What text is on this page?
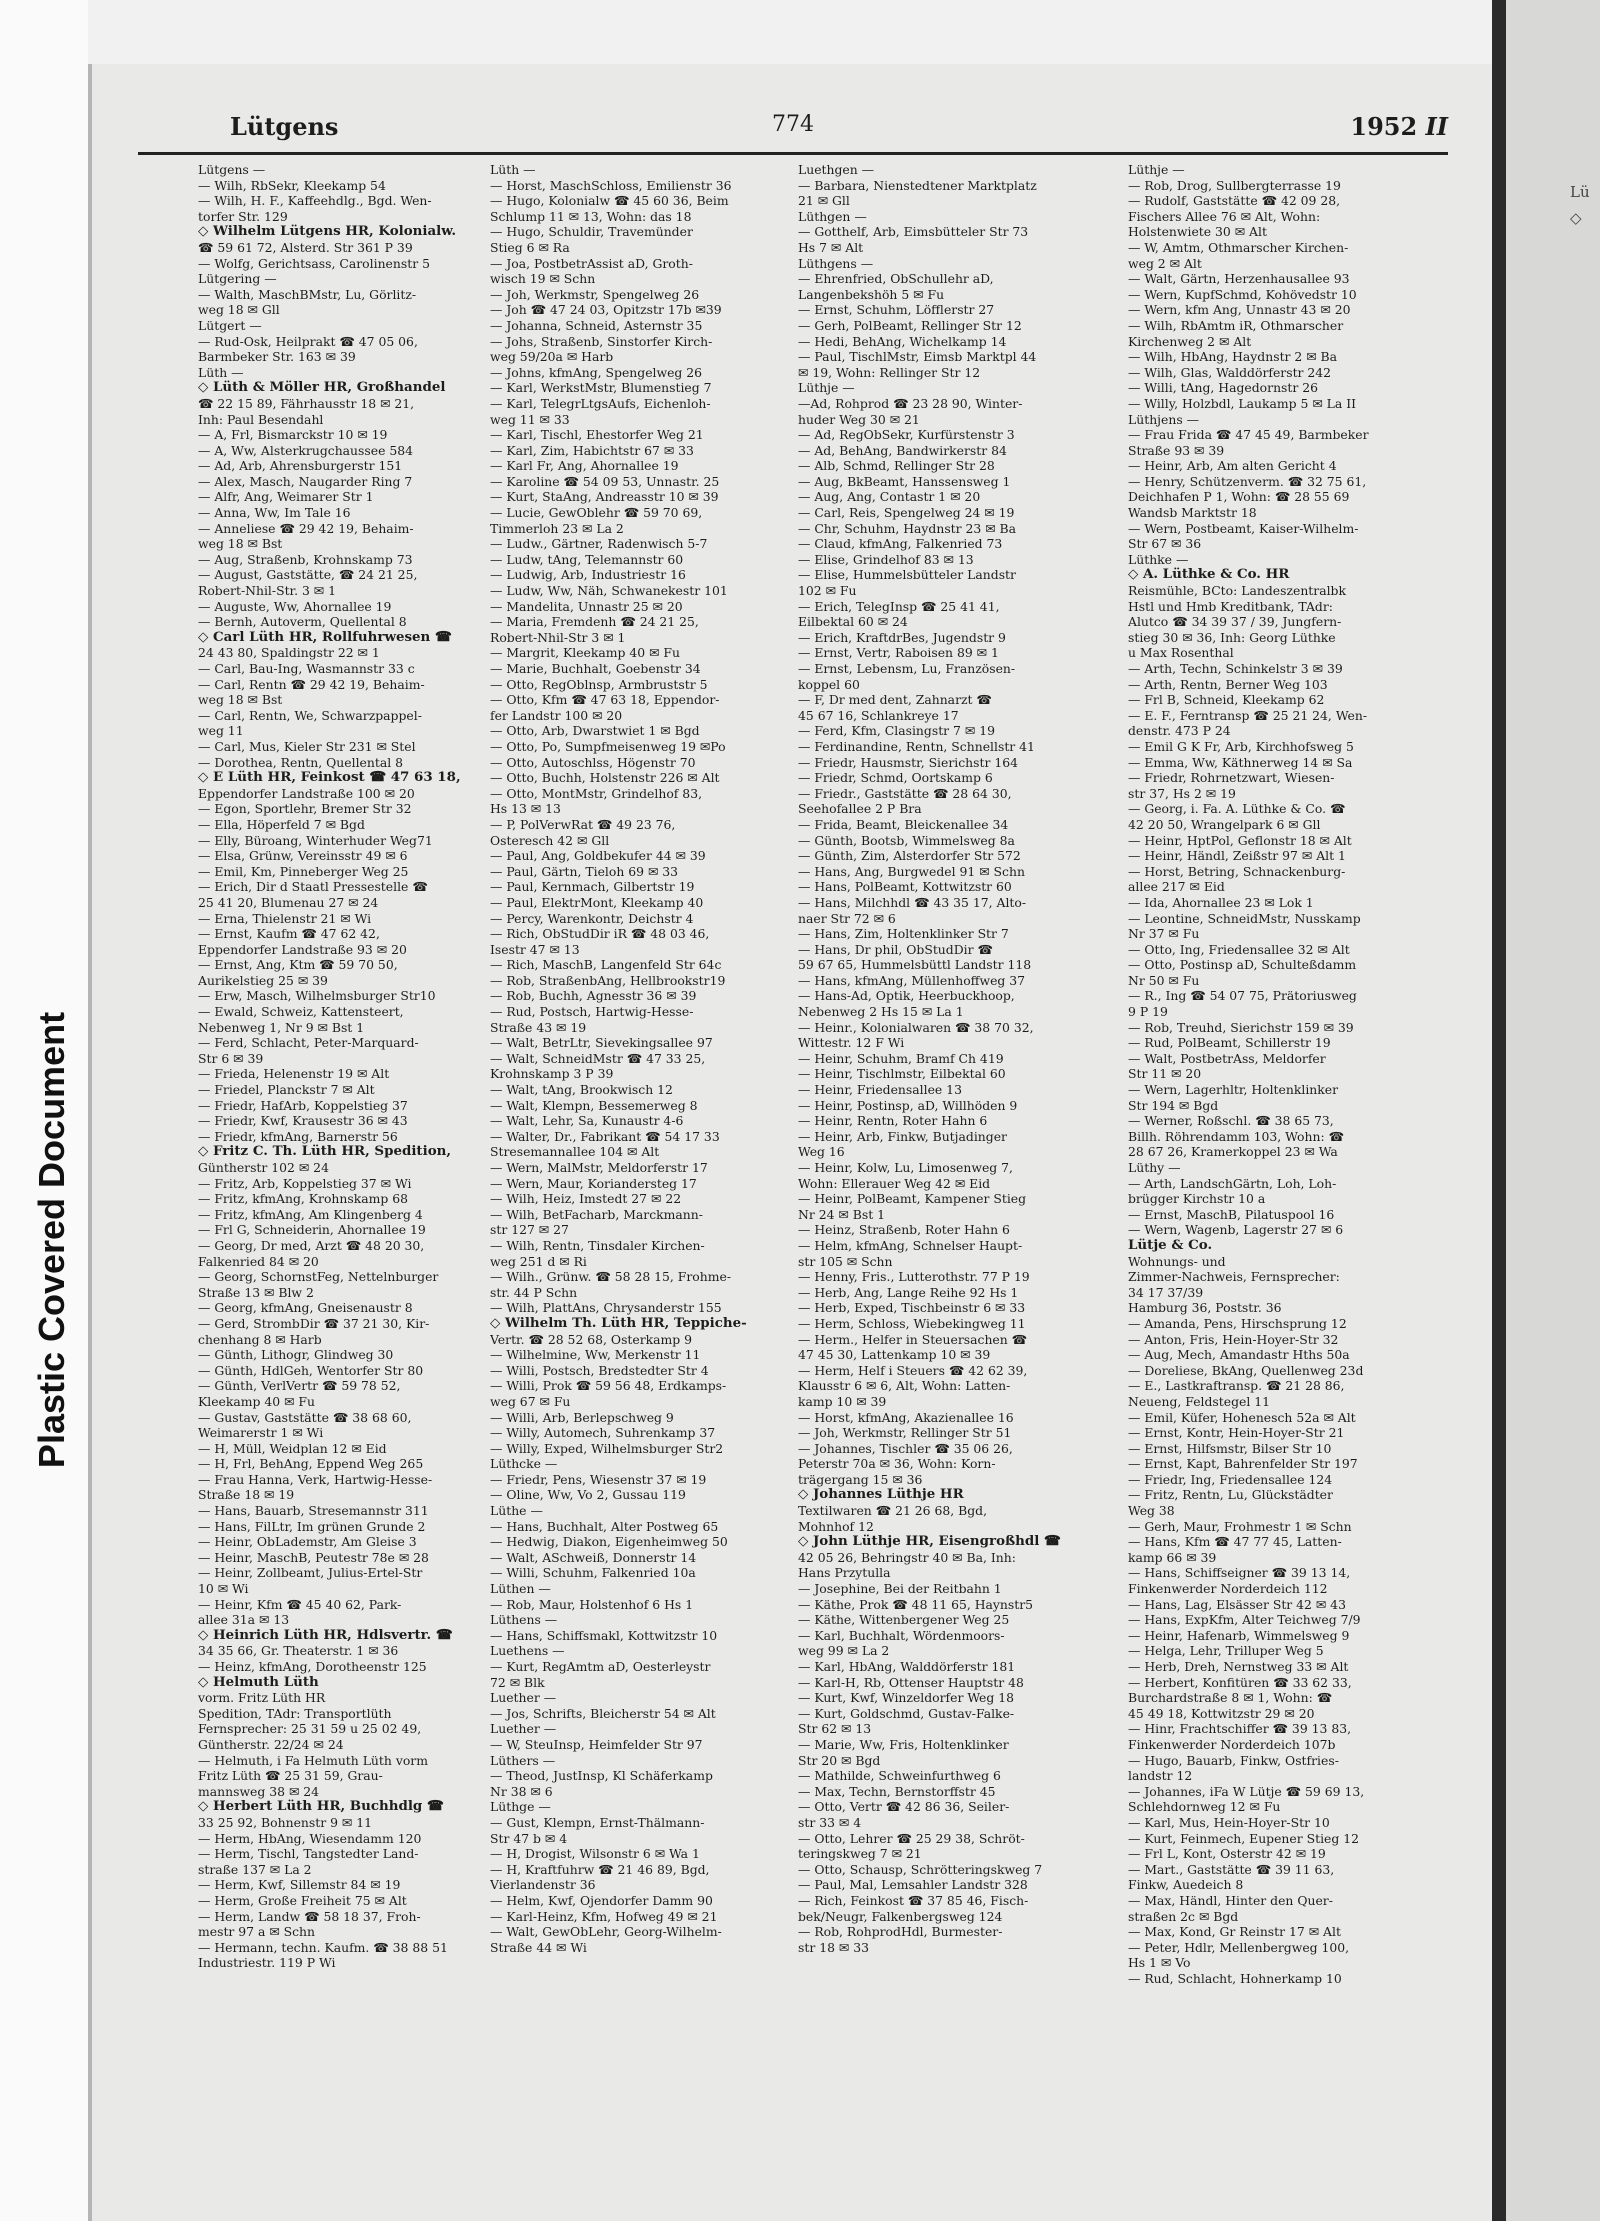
Plastic Covered Document
Lü
◇
Lütgens	774	1952 II
Lütgens —
— Wilh, RbSekr, Kleekamp 54
— Wilh, H. F., Kaffeehdlg., Bgd. Wen-
torfer Str. 129
◇ Wilhelm Lütgens HR, Kolonialw.
☎ 59 61 72, Alsterd. Str 361 P 39
— Wolfg, Gerichtsass, Carolinenstr 5
Lütgering —
— Walth, MaschBMstr, Lu, Görlitz-
weg 18 ✉ Gll
Lütgert —
— Rud-Osk, Heilprakt ☎ 47 05 06,
Barmbeker Str. 163 ✉ 39
Lüth —
◇ Lüth & Möller HR, Großhandel
☎ 22 15 89, Fährhausstr 18 ✉ 21,
Inh: Paul Besendahl
— A, Frl, Bismarckstr 10 ✉ 19
— A, Ww, Alsterkrugchaussee 584
— Ad, Arb, Ahrensburgerstr 151
— Alex, Masch, Naugarder Ring 7
— Alfr, Ang, Weimarer Str 1
— Anna, Ww, Im Tale 16
— Anneliese ☎ 29 42 19, Behaim-
weg 18 ✉ Bst
— Aug, Straßenb, Krohnskamp 73
— August, Gaststätte, ☎ 24 21 25,
Robert-Nhil-Str. 3 ✉ 1
— Auguste, Ww, Ahornallee 19
— Bernh, Autoverm, Quellental 8
◇ Carl Lüth HR, Rollfuhrwesen ☎
24 43 80, Spaldingstr 22 ✉ 1
— Carl, Bau-Ing, Wasmannstr 33 c
— Carl, Rentn ☎ 29 42 19, Behaim-
weg 18 ✉ Bst
— Carl, Rentn, We, Schwarzpappel-
weg 11
— Carl, Mus, Kieler Str 231 ✉ Stel
— Dorothea, Rentn, Quellental 8
◇ E Lüth HR, Feinkost ☎ 47 63 18,
Eppendorfer Landstraße 100 ✉ 20
— Egon, Sportlehr, Bremer Str 32
— Ella, Höperfeld 7 ✉ Bgd
— Elly, Büroang, Winterhuder Weg71
— Elsa, Grünw, Vereinsstr 49 ✉ 6
— Emil, Km, Pinneberger Weg 25
— Erich, Dir d Staatl Pressestelle ☎
25 41 20, Blumenau 27 ✉ 24
— Erna, Thielenstr 21 ✉ Wi
— Ernst, Kaufm ☎ 47 62 42,
Eppendorfer Landstraße 93 ✉ 20
— Ernst, Ang, Ktm ☎ 59 70 50,
Aurikelstieg 25 ✉ 39
— Erw, Masch, Wilhelmsburger Str10
— Ewald, Schweiz, Kattensteert,
Nebenweg 1, Nr 9 ✉ Bst 1
— Ferd, Schlacht, Peter-Marquard-
Str 6 ✉ 39
— Frieda, Helenenstr 19 ✉ Alt
— Friedel, Planckstr 7 ✉ Alt
— Friedr, HafArb, Koppelstieg 37
— Friedr, Kwf, Krausestr 36 ✉ 43
— Friedr, kfmAng, Barnerstr 56
◇ Fritz C. Th. Lüth HR, Spedition,
Güntherstr 102 ✉ 24
— Fritz, Arb, Koppelstieg 37 ✉ Wi
— Fritz, kfmAng, Krohnskamp 68
— Fritz, kfmAng, Am Klingenberg 4
— Frl G, Schneiderin, Ahornallee 19
— Georg, Dr med, Arzt ☎ 48 20 30,
Falkenried 84 ✉ 20
— Georg, SchornstFeg, Nettelnburger
Straße 13 ✉ Blw 2
— Georg, kfmAng, Gneisenaustr 8
— Gerd, StrombDir ☎ 37 21 30, Kir-
chenhang 8 ✉ Harb
— Günth, Lithogr, Glindweg 30
— Günth, HdlGeh, Wentorfer Str 80
— Günth, VerlVertr ☎ 59 78 52,
Kleekamp 40 ✉ Fu
— Gustav, Gaststätte ☎ 38 68 60,
Weimarerstr 1 ✉ Wi
— H, Müll, Weidplan 12 ✉ Eid
— H, Frl, BehAng, Eppend Weg 265
— Frau Hanna, Verk, Hartwig-Hesse-
Straße 18 ✉ 19
— Hans, Bauarb, Stresemannstr 311
— Hans, FilLtr, Im grünen Grunde 2
— Heinr, ObLademstr, Am Gleise 3
— Heinr, MaschB, Peutestr 78e ✉ 28
— Heinr, Zollbeamt, Julius-Ertel-Str
10 ✉ Wi
— Heinr, Kfm ☎ 45 40 62, Park-
allee 31a ✉ 13
◇ Heinrich Lüth HR, Hdlsvertr. ☎
34 35 66, Gr. Theaterstr. 1 ✉ 36
— Heinz, kfmAng, Dorotheenstr 125
◇ Helmuth Lüth
vorm. Fritz Lüth HR
Spedition, TAdr: Transportlüth
Fernsprecher: 25 31 59 u 25 02 49,
Güntherstr. 22/24 ✉ 24
— Helmuth, i Fa Helmuth Lüth vorm
Fritz Lüth ☎ 25 31 59, Grau-
mannsweg 38 ✉ 24
◇ Herbert Lüth HR, Buchhdlg ☎
33 25 92, Bohnenstr 9 ✉ 11
— Herm, HbAng, Wiesendamm 120
— Herm, Tischl, Tangstedter Land-
straße 137 ✉ La 2
— Herm, Kwf, Sillemstr 84 ✉ 19
— Herm, Große Freiheit 75 ✉ Alt
— Herm, Landw ☎ 58 18 37, Froh-
mestr 97 a ✉ Schn
— Hermann, techn. Kaufm. ☎ 38 88 51
Industriestr. 119 P Wi
Lüth —
— Horst, MaschSchloss, Emilienstr 36
— Hugo, Kolonialw ☎ 45 60 36, Beim
Schlump 11 ✉ 13, Wohn: das 18
— Hugo, Schuldir, Travemünder
Stieg 6 ✉ Ra
— Joa, PostbetrAssist aD, Groth-
wisch 19 ✉ Schn
— Joh, Werkmstr, Spengelweg 26
— Joh ☎ 47 24 03, Opitzstr 17b ✉39
— Johanna, Schneid, Asternstr 35
— Johs, Straßenb, Sinstorfer Kirch-
weg 59/20a ✉ Harb
— Johns, kfmAng, Spengelweg 26
— Karl, WerkstMstr, Blumenstieg 7
— Karl, TelegrLtgsAufs, Eichenloh-
weg 11 ✉ 33
— Karl, Tischl, Ehestorfer Weg 21
— Karl, Zim, Habichtstr 67 ✉ 33
— Karl Fr, Ang, Ahornallee 19
— Karoline ☎ 54 09 53, Unnastr. 25
— Kurt, StaAng, Andreasstr 10 ✉ 39
— Lucie, GewOblehr ☎ 59 70 69,
Timmerloh 23 ✉ La 2
— Ludw., Gärtner, Radenwisch 5-7
— Ludw, tAng, Telemannstr 60
— Ludwig, Arb, Industriestr 16
— Ludw, Ww, Näh, Schwanekestr 101
— Mandelita, Unnastr 25 ✉ 20
— Maria, Fremdenh ☎ 24 21 25,
Robert-Nhil-Str 3 ✉ 1
— Margrit, Kleekamp 40 ✉ Fu
— Marie, Buchhalt, Goebenstr 34
— Otto, RegOblnsp, Armbruststr 5
— Otto, Kfm ☎ 47 63 18, Eppendor-
fer Landstr 100 ✉ 20
— Otto, Arb, Dwarstwiet 1 ✉ Bgd
— Otto, Po, Sumpfmeisenweg 19 ✉Po
— Otto, Autoschlss, Högenstr 70
— Otto, Buchh, Holstenstr 226 ✉ Alt
— Otto, MontMstr, Grindelhof 83,
Hs 13 ✉ 13
— P, PolVerwRat ☎ 49 23 76,
Osteresch 42 ✉ Gll
— Paul, Ang, Goldbekufer 44 ✉ 39
— Paul, Gärtn, Tieloh 69 ✉ 33
— Paul, Kernmach, Gilbertstr 19
— Paul, ElektrMont, Kleekamp 40
— Percy, Warenkontr, Deichstr 4
— Rich, ObStudDir iR ☎ 48 03 46,
Isestr 47 ✉ 13
— Rich, MaschB, Langenfeld Str 64c
— Rob, StraßenbAng, Hellbrookstr19
— Rob, Buchh, Agnesstr 36 ✉ 39
— Rud, Postsch, Hartwig-Hesse-
Straße 43 ✉ 19
— Walt, BetrLtr, Sievekingsallee 97
— Walt, SchneidMstr ☎ 47 33 25,
Krohnskamp 3 P 39
— Walt, tAng, Brookwisch 12
— Walt, Klempn, Bessemerweg 8
— Walt, Lehr, Sa, Kunaustr 4-6
— Walter, Dr., Fabrikant ☎ 54 17 33
Stresemannallee 104 ✉ Alt
— Wern, MalMstr, Meldorferstr 17
— Wern, Maur, Koriandersteg 17
— Wilh, Heiz, Imstedt 27 ✉ 22
— Wilh, BetFacharb, Marckmann-
str 127 ✉ 27
— Wilh, Rentn, Tinsdaler Kirchen-
weg 251 d ✉ Ri
— Wilh., Grünw. ☎ 58 28 15, Frohme-
str. 44 P Schn
— Wilh, PlattAns, Chrysanderstr 155
◇ Wilhelm Th. Lüth HR, Teppiche-
Vertr. ☎ 28 52 68, Osterkamp 9
— Wilhelmine, Ww, Merkenstr 11
— Willi, Postsch, Bredstedter Str 4
— Willi, Prok ☎ 59 56 48, Erdkamps-
weg 67 ✉ Fu
— Willi, Arb, Berlepschweg 9
— Willy, Automech, Suhrenkamp 37
— Willy, Exped, Wilhelmsburger Str2
Lüthcke —
— Friedr, Pens, Wiesenstr 37 ✉ 19
— Oline, Ww, Vo 2, Gussau 119
Lüthe —
— Hans, Buchhalt, Alter Postweg 65
— Hedwig, Diakon, Eigenheimweg 50
— Walt, ASchweiß, Donnerstr 14
— Willi, Schuhm, Falkenried 10a
Lüthen —
— Rob, Maur, Holstenhof 6 Hs 1
Lüthens —
— Hans, Schiffsmakl, Kottwitzstr 10
Luethens —
— Kurt, RegAmtm aD, Oesterleystr
72 ✉ Blk
Luether —
— Jos, Schrifts, Bleicherstr 54 ✉ Alt
Luether —
— W, SteuInsp, Heimfelder Str 97
Lüthers —
— Theod, JustInsp, Kl Schäferkamp
Nr 38 ✉ 6
Lüthge —
— Gust, Klempn, Ernst-Thälmann-
Str 47 b ✉ 4
— H, Drogist, Wilsonstr 6 ✉ Wa 1
— H, Kraftfuhrw ☎ 21 46 89, Bgd,
Vierlandenstr 36
— Helm, Kwf, Ojendorfer Damm 90
— Karl-Heinz, Kfm, Hofweg 49 ✉ 21
— Walt, GewObLehr, Georg-Wilhelm-
Straße 44 ✉ Wi
Luethgen —
— Barbara, Nienstedtener Marktplatz
21 ✉ Gll
Lüthgen —
— Gotthelf, Arb, Eimsbütteler Str 73
Hs 7 ✉ Alt
Lüthgens —
— Ehrenfried, ObSchullehr aD,
Langenbekshöh 5 ✉ Fu
— Ernst, Schuhm, Löfflerstr 27
— Gerh, PolBeamt, Rellinger Str 12
— Hedi, BehAng, Wichelkamp 14
— Paul, TischlMstr, Eimsb Marktpl 44
✉ 19, Wohn: Rellinger Str 12
Lüthje —
—Ad, Rohprod ☎ 23 28 90, Winter-
huder Weg 30 ✉ 21
— Ad, RegObSekr, Kurfürstenstr 3
— Ad, BehAng, Bandwirkerstr 84
— Alb, Schmd, Rellinger Str 28
— Aug, BkBeamt, Hanssensweg 1
— Aug, Ang, Contastr 1 ✉ 20
— Carl, Reis, Spengelweg 24 ✉ 19
— Chr, Schuhm, Haydnstr 23 ✉ Ba
— Claud, kfmAng, Falkenried 73
— Elise, Grindelhof 83 ✉ 13
— Elise, Hummelsbütteler Landstr
102 ✉ Fu
— Erich, TelegInsp ☎ 25 41 41,
Eilbektal 60 ✉ 24
— Erich, KraftdrBes, Jugendstr 9
— Ernst, Vertr, Raboisen 89 ✉ 1
— Ernst, Lebensm, Lu, Französen-
koppel 60
— F, Dr med dent, Zahnarzt ☎
45 67 16, Schlankreye 17
— Ferd, Kfm, Clasingstr 7 ✉ 19
— Ferdinandine, Rentn, Schnellstr 41
— Friedr, Hausmstr, Sierichstr 164
— Friedr, Schmd, Oortskamp 6
— Friedr., Gaststätte ☎ 28 64 30,
Seehofallee 2 P Bra
— Frida, Beamt, Bleickenallee 34
— Günth, Bootsb, Wimmelsweg 8a
— Günth, Zim, Alsterdorfer Str 572
— Hans, Ang, Burgwedel 91 ✉ Schn
— Hans, PolBeamt, Kottwitzstr 60
— Hans, Milchhdl ☎ 43 35 17, Alto-
naer Str 72 ✉ 6
— Hans, Zim, Holtenklinker Str 7
— Hans, Dr phil, ObStudDir ☎
59 67 65, Hummelsbüttl Landstr 118
— Hans, kfmAng, Müllenhoffweg 37
— Hans-Ad, Optik, Heerbuckhoop,
Nebenweg 2 Hs 15 ✉ La 1
— Heinr., Kolonialwaren ☎ 38 70 32,
Wittestr. 12 F Wi
— Heinr, Schuhm, Bramf Ch 419
— Heinr, Tischlmstr, Eilbektal 60
— Heinr, Friedensallee 13
— Heinr, Postinsp, aD, Willhöden 9
— Heinr, Rentn, Roter Hahn 6
— Heinr, Arb, Finkw, Butjadinger
Weg 16
— Heinr, Kolw, Lu, Limosenweg 7,
Wohn: Ellerauer Weg 42 ✉ Eid
— Heinr, PolBeamt, Kampener Stieg
Nr 24 ✉ Bst 1
— Heinz, Straßenb, Roter Hahn 6
— Helm, kfmAng, Schnelser Haupt-
str 105 ✉ Schn
— Henny, Fris., Lutterothstr. 77 P 19
— Herb, Ang, Lange Reihe 92 Hs 1
— Herb, Exped, Tischbeinstr 6 ✉ 33
— Herm, Schloss, Wiebekingweg 11
— Herm., Helfer in Steuersachen ☎
47 45 30, Lattenkamp 10 ✉ 39
— Herm, Helf i Steuers ☎ 42 62 39,
Klausstr 6 ✉ 6, Alt, Wohn: Latten-
kamp 10 ✉ 39
— Horst, kfmAng, Akazienallee 16
— Joh, Werkmstr, Rellinger Str 51
— Johannes, Tischler ☎ 35 06 26,
Peterstr 70a ✉ 36, Wohn: Korn-
trägergang 15 ✉ 36
◇ Johannes Lüthje HR
Textilwaren ☎ 21 26 68, Bgd,
Mohnhof 12
◇ John Lüthje HR, Eisengroßhdl ☎
42 05 26, Behringstr 40 ✉ Ba, Inh:
Hans Przytulla
— Josephine, Bei der Reitbahn 1
— Käthe, Prok ☎ 48 11 65, Haynstr5
— Käthe, Wittenbergener Weg 25
— Karl, Buchhalt, Wördenmoors-
weg 99 ✉ La 2
— Karl, HbAng, Walddörferstr 181
— Karl-H, Rb, Ottenser Hauptstr 48
— Kurt, Kwf, Winzeldorfer Weg 18
— Kurt, Goldschmd, Gustav-Falke-
Str 62 ✉ 13
— Marie, Ww, Fris, Holtenklinker
Str 20 ✉ Bgd
— Mathilde, Schweinfurthweg 6
— Max, Techn, Bernstorffstr 45
— Otto, Vertr ☎ 42 86 36, Seiler-
str 33 ✉ 4
— Otto, Lehrer ☎ 25 29 38, Schröt-
teringskweg 7 ✉ 21
— Otto, Schausp, Schrötteringskweg 7
— Paul, Mal, Lemsahler Landstr 328
— Rich, Feinkost ☎ 37 85 46, Fisch-
bek/Neugr, Falkenbergsweg 124
— Rob, RohprodHdl, Burmester-
str 18 ✉ 33
Lüthje —
— Rob, Drog, Sullbergterrasse 19
— Rudolf, Gaststätte ☎ 42 09 28,
Fischers Allee 76 ✉ Alt, Wohn:
Holstenwiete 30 ✉ Alt
— W, Amtm, Othmarscher Kirchen-
weg 2 ✉ Alt
— Walt, Gärtn, Herzenhausallee 93
— Wern, KupfSchmd, Kohövedstr 10
— Wern, kfm Ang, Unnastr 43 ✉ 20
— Wilh, RbAmtm iR, Othmarscher
Kirchenweg 2 ✉ Alt
— Wilh, HbAng, Haydnstr 2 ✉ Ba
— Wilh, Glas, Walddörferstr 242
— Willi, tAng, Hagedornstr 26
— Willy, Holzbdl, Laukamp 5 ✉ La II
Lüthjens —
— Frau Frida ☎ 47 45 49, Barmbeker
Straße 93 ✉ 39
— Heinr, Arb, Am alten Gericht 4
— Henry, Schützenverm. ☎ 32 75 61,
Deichhafen P 1, Wohn: ☎ 28 55 69
Wandsb Marktstr 18
— Wern, Postbeamt, Kaiser-Wilhelm-
Str 67 ✉ 36
Lüthke —
◇ A. Lüthke & Co. HR
Reismühle, BCto: Landeszentralbk
Hstl und Hmb Kreditbank, TAdr:
Alutco ☎ 34 39 37 / 39, Jungfern-
stieg 30 ✉ 36, Inh: Georg Lüthke
u Max Rosenthal
— Arth, Techn, Schinkelstr 3 ✉ 39
— Arth, Rentn, Berner Weg 103
— Frl B, Schneid, Kleekamp 62
— E. F., Ferntransp ☎ 25 21 24, Wen-
denstr. 473 P 24
— Emil G K Fr, Arb, Kirchhofsweg 5
— Emma, Ww, Käthnerweg 14 ✉ Sa
— Friedr, Rohrnetzwart, Wiesen-
str 37, Hs 2 ✉ 19
— Georg, i. Fa. A. Lüthke & Co. ☎
42 20 50, Wrangelpark 6 ✉ Gll
— Heinr, HptPol, Geflonstr 18 ✉ Alt
— Heinr, Händl, Zeißstr 97 ✉ Alt 1
— Horst, Betring, Schnackenburg-
allee 217 ✉ Eid
— Ida, Ahornallee 23 ✉ Lok 1
— Leontine, SchneidMstr, Nusskamp
Nr 37 ✉ Fu
— Otto, Ing, Friedensallee 32 ✉ Alt
— Otto, Postinsp aD, Schulteßdamm
Nr 50 ✉ Fu
— R., Ing ☎ 54 07 75, Prätoriusweg
9 P 19
— Rob, Treuhd, Sierichstr 159 ✉ 39
— Rud, PolBeamt, Schillerstr 19
— Walt, PostbetrAss, Meldorfer
Str 11 ✉ 20
— Wern, Lagerhltr, Holtenklinker
Str 194 ✉ Bgd
— Werner, Roßschl. ☎ 38 65 73,
Billh. Röhrendamm 103, Wohn: ☎
28 67 26, Kramerkoppel 23 ✉ Wa
Lüthy —
— Arth, LandschGärtn, Loh, Loh-
brügger Kirchstr 10 a
— Ernst, MaschB, Pilatuspool 16
— Wern, Wagenb, Lagerstr 27 ✉ 6
Lütje & Co.
Wohnungs- und
Zimmer-Nachweis, Fernsprecher:
34 17 37/39
Hamburg 36, Poststr. 36
— Amanda, Pens, Hirschsprung 12
— Anton, Fris, Hein-Hoyer-Str 32
— Aug, Mech, Amandastr Hths 50a
— Doreliese, BkAng, Quellenweg 23d
— E., Lastkraftransp. ☎ 21 28 86,
Neueng, Feldstegel 11
— Emil, Küfer, Hohenesch 52a ✉ Alt
— Ernst, Kontr, Hein-Hoyer-Str 21
— Ernst, Hilfsmstr, Bilser Str 10
— Ernst, Kapt, Bahrenfelder Str 197
— Friedr, Ing, Friedensallee 124
— Fritz, Rentn, Lu, Glückstädter
Weg 38
— Gerh, Maur, Frohmestr 1 ✉ Schn
— Hans, Kfm ☎ 47 77 45, Latten-
kamp 66 ✉ 39
— Hans, Schiffseigner ☎ 39 13 14,
Finkenwerder Norderdeich 112
— Hans, Lag, Elsässer Str 42 ✉ 43
— Hans, ExpKfm, Alter Teichweg 7/9
— Heinr, Hafenarb, Wimmelsweg 9
— Helga, Lehr, Trilluper Weg 5
— Herb, Dreh, Nernstweg 33 ✉ Alt
— Herbert, Konfitüren ☎ 33 62 33,
Burchardstraße 8 ✉ 1, Wohn: ☎
45 49 18, Kottwitzstr 29 ✉ 20
— Hinr, Frachtschiffer ☎ 39 13 83,
Finkenwerder Norderdeich 107b
— Hugo, Bauarb, Finkw, Ostfries-
landstr 12
— Johannes, iFa W Lütje ☎ 59 69 13,
Schlehdornweg 12 ✉ Fu
— Karl, Mus, Hein-Hoyer-Str 10
— Kurt, Feinmech, Eupener Stieg 12
— Frl L, Kont, Osterstr 42 ✉ 19
— Mart., Gaststätte ☎ 39 11 63,
Finkw, Auedeich 8
— Max, Händl, Hinter den Quer-
straßen 2c ✉ Bgd
— Max, Kond, Gr Reinstr 17 ✉ Alt
— Peter, Hdlr, Mellenbergweg 100,
Hs 1 ✉ Vo
— Rud, Schlacht, Hohnerkamp 10
